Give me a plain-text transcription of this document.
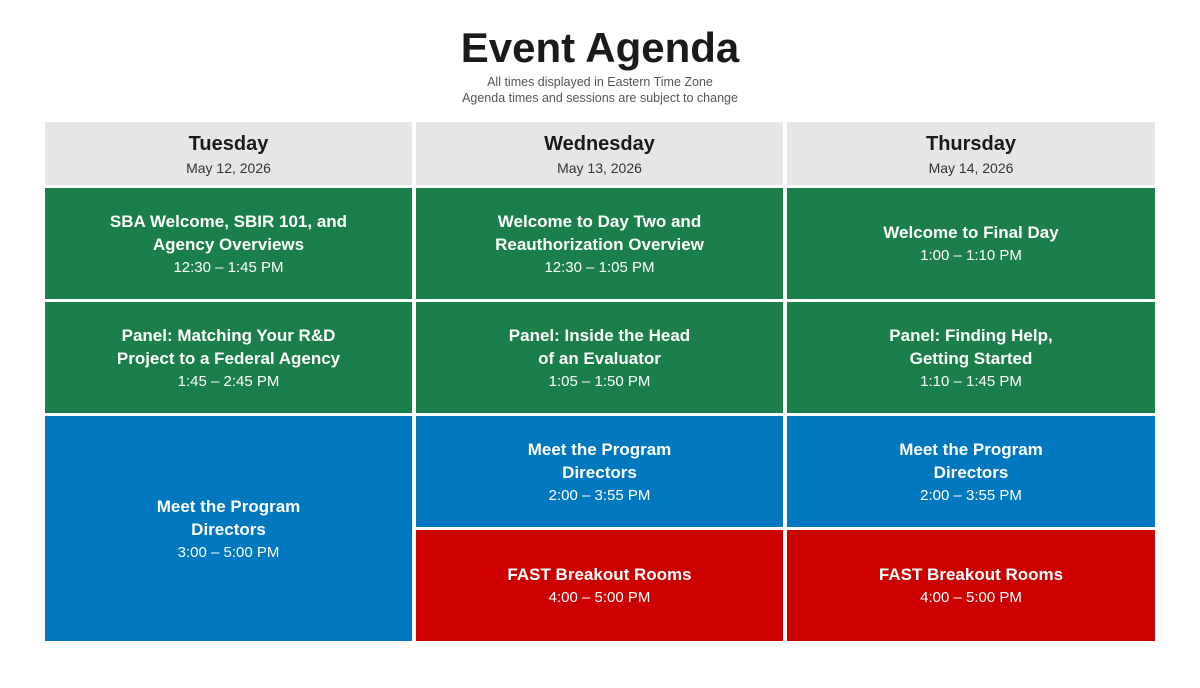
Event Agenda
All times displayed in Eastern Time Zone
Agenda times and sessions are subject to change
Tuesday
May 12, 2026
Wednesday
May 13, 2026
Thursday
May 14, 2026
SBA Welcome, SBIR 101, and Agency Overviews
12:30 – 1:45 PM
Panel: Matching Your R&D Project to a Federal Agency
1:45 – 2:45 PM
Meet the Program Directors
3:00 – 5:00 PM
Welcome to Day Two and Reauthorization Overview
12:30 – 1:05 PM
Panel: Inside the Head of an Evaluator
1:05 – 1:50 PM
Meet the Program Directors
2:00 – 3:55 PM
FAST Breakout Rooms
4:00 – 5:00 PM
Welcome to Final Day
1:00 – 1:10 PM
Panel: Finding Help, Getting Started
1:10 – 1:45 PM
Meet the Program Directors
2:00 – 3:55 PM
FAST Breakout Rooms
4:00 – 5:00 PM
